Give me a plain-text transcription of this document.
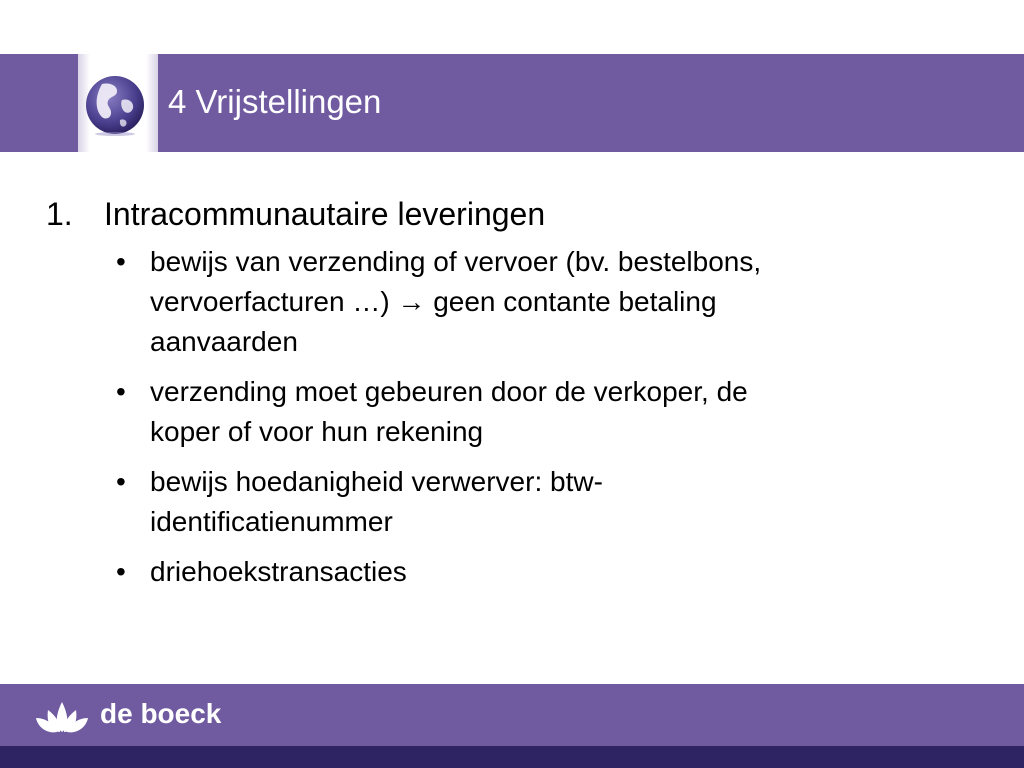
4 Vrijstellingen
1. Intracommunautaire leveringen
• bewijs van verzending of vervoer (bv. bestelbons, vervoerfacturen …) → geen contante betaling aanvaarden
• verzending moet gebeuren door de verkoper, de koper of voor hun rekening
• bewijs hoedanigheid verwerver: btw-identificatienummer
• driehoekstransacties
de boeck
